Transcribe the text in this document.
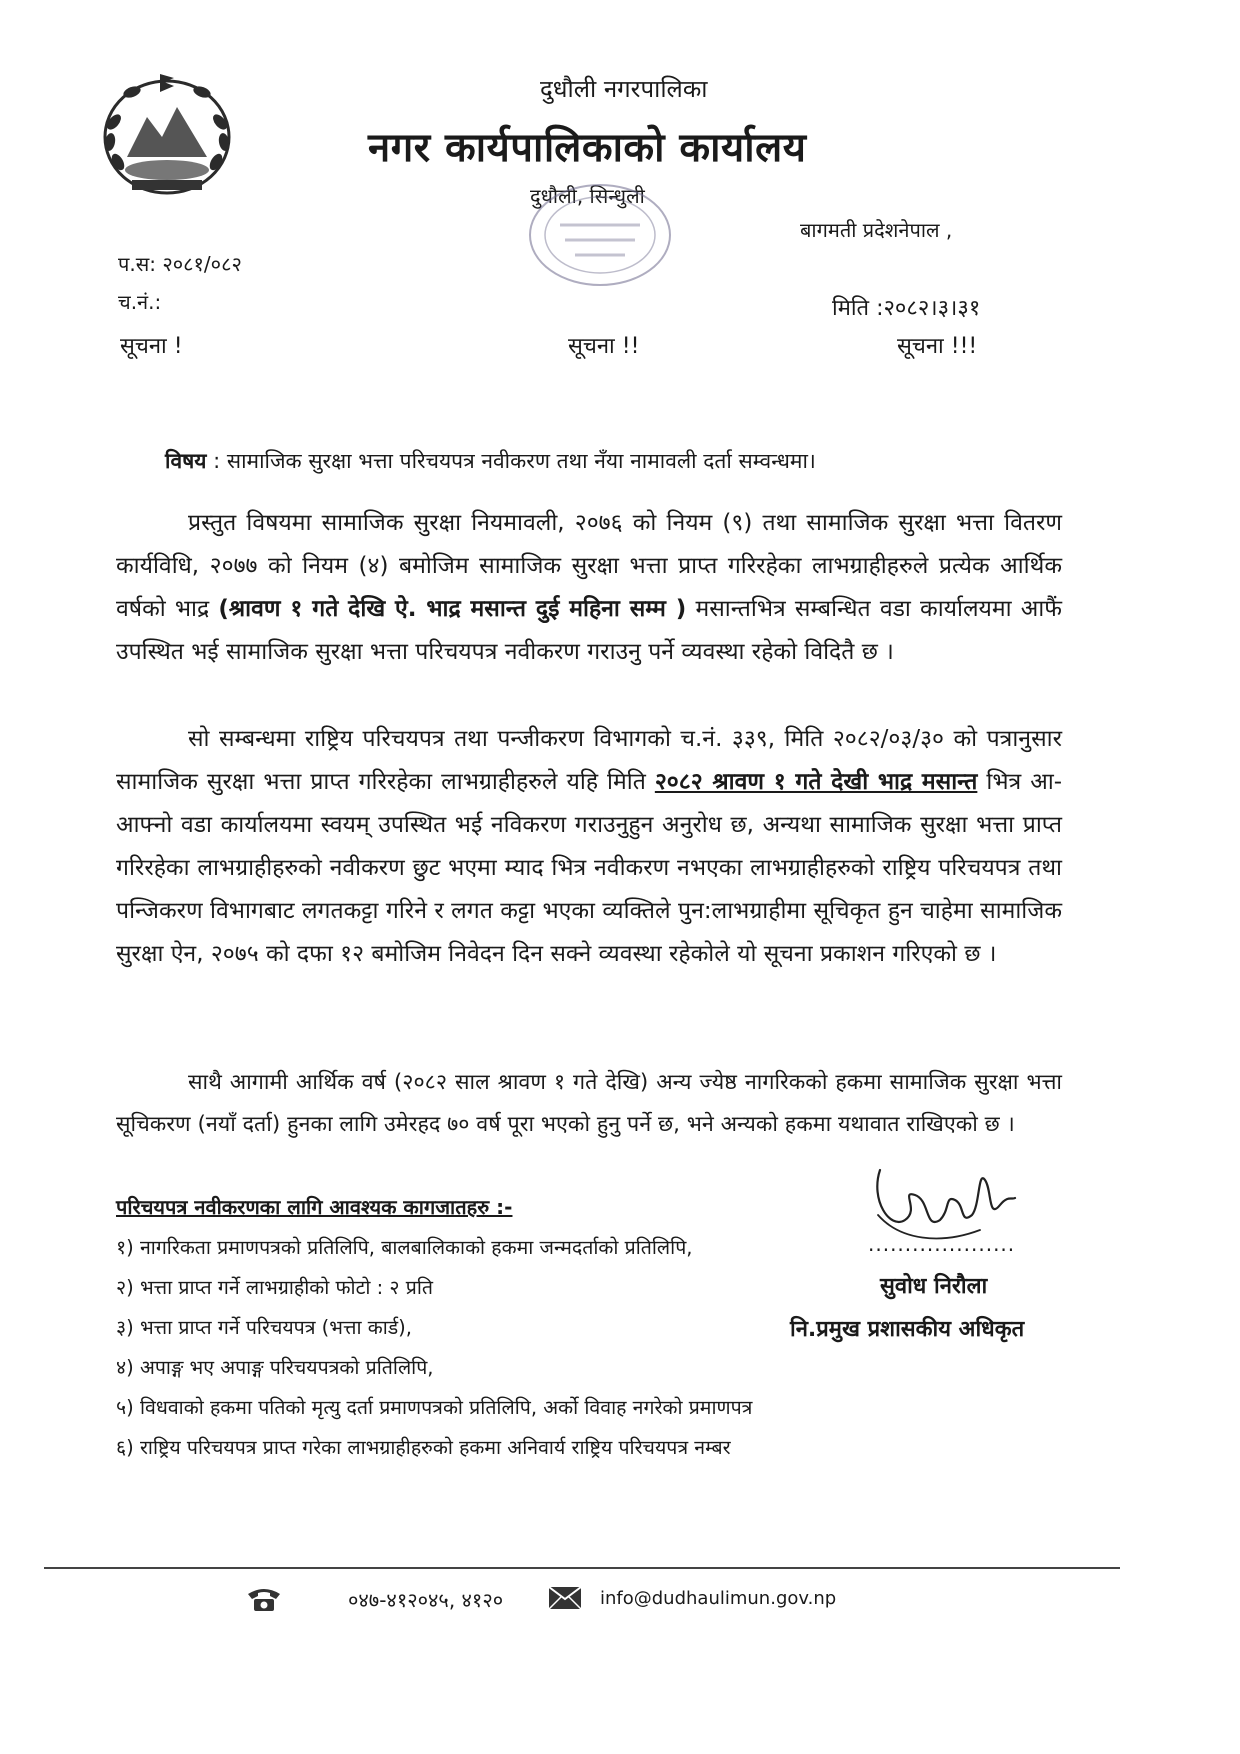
दुधौली नगरपालिका
नगर कार्यपालिकाको कार्यालय
दुधौली, सिन्धुली
बागमती प्रदेशनेपाल ,
प.स: २०८१/०८२
च.नं.:	मिति :२०८२।३।३१
सूचना !	सूचना !!	सूचना !!!
विषय : सामाजिक सुरक्षा भत्ता परिचयपत्र नवीकरण तथा नँया नामावली दर्ता सम्वन्धमा।
प्रस्तुत विषयमा सामाजिक सुरक्षा नियमावली, २०७६ को नियम (९) तथा सामाजिक सुरक्षा भत्ता वितरण कार्यविधि, २०७७ को नियम (४) बमोजिम सामाजिक सुरक्षा भत्ता प्राप्त गरिरहेका लाभग्राहीहरुले प्रत्येक आर्थिक वर्षको भाद्र (श्रावण १ गते देखि ऐ. भाद्र मसान्त दुई महिना सम्म ) मसान्तभित्र सम्बन्धित वडा कार्यालयमा आफैं उपस्थित भई सामाजिक सुरक्षा भत्ता परिचयपत्र नवीकरण गराउनु पर्ने व्यवस्था रहेको विदितै छ ।
सो सम्बन्धमा राष्ट्रिय परिचयपत्र तथा पन्जीकरण विभागको च.नं. ३३९, मिति २०८२/०३/३० को पत्रानुसार सामाजिक सुरक्षा भत्ता प्राप्त गरिरहेका लाभग्राहीहरुले यहि मिति २०८२ श्रावण १ गते देखी भाद्र मसान्त भित्र आ-आफ्नो वडा कार्यालयमा स्वयम् उपस्थित भई नविकरण गराउनुहुन अनुरोध छ, अन्यथा सामाजिक सुरक्षा भत्ता प्राप्त गरिरहेका लाभग्राहीहरुको नवीकरण छुट भएमा म्याद भित्र नवीकरण नभएका लाभग्राहीहरुको राष्ट्रिय परिचयपत्र तथा पन्जिकरण विभागबाट लगतकट्टा गरिने र लगत कट्टा भएका व्यक्तिले पुन:लाभग्राहीमा सूचिकृत हुन चाहेमा सामाजिक सुरक्षा ऐन, २०७५ को दफा १२ बमोजिम निवेदन दिन सक्ने व्यवस्था रहेकोले यो सूचना प्रकाशन गरिएको छ ।
साथै आगामी आर्थिक वर्ष (२०८२ साल श्रावण १ गते देखि) अन्य ज्येष्ठ नागरिकको हकमा सामाजिक सुरक्षा भत्ता सूचिकरण (नयाँ दर्ता) हुनका लागि उमेरहद ७० वर्ष पूरा भएको हुनु पर्ने छ, भने अन्यको हकमा यथावात राखिएको छ ।
परिचयपत्र नवीकरणका लागि आवश्यक कागजातहरु :-
१) नागरिकता प्रमाणपत्रको प्रतिलिपि, बालबालिकाको हकमा जन्मदर्ताको प्रतिलिपि,
२) भत्ता प्राप्त गर्ने लाभग्राहीको फोटो : २ प्रति
३) भत्ता प्राप्त गर्ने परिचयपत्र (भत्ता कार्ड),
४) अपाङ्ग भए अपाङ्ग परिचयपत्रको प्रतिलिपि,
५) विधवाको हकमा पतिको मृत्यु दर्ता प्रमाणपत्रको प्रतिलिपि, अर्को विवाह नगरेको प्रमाणपत्र
६) राष्ट्रिय परिचयपत्र प्राप्त गरेका लाभग्राहीहरुको हकमा अनिवार्य राष्ट्रिय परिचयपत्र नम्बर
....................
सुवोध निरौला
नि.प्रमुख प्रशासकीय अधिकृत
०४७-४१२०४५, ४१२०	info@dudhaulimun.gov.np
